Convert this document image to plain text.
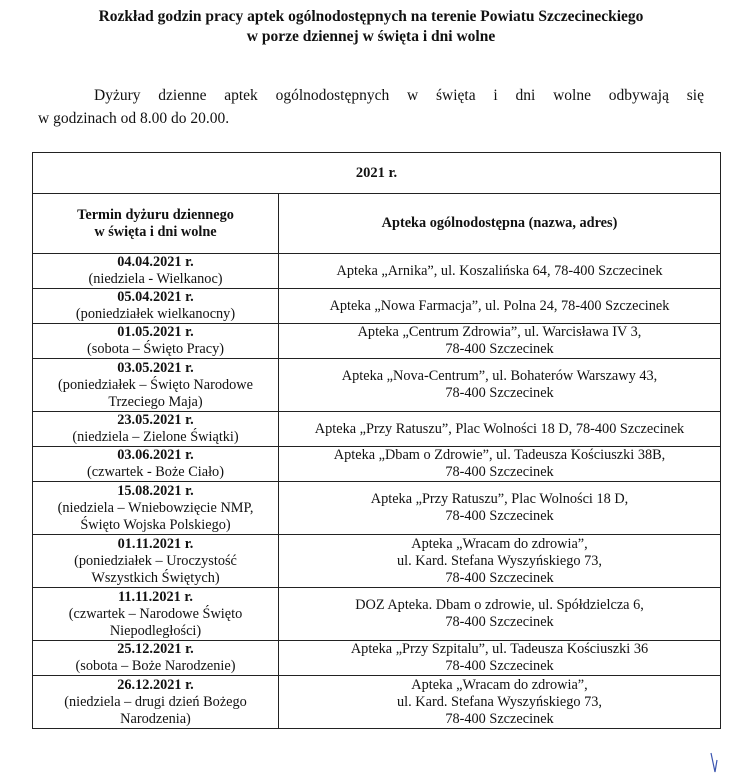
Rozkład godzin pracy aptek ogólnodostępnych na terenie Powiatu Szczecineckiego
w porze dziennej w święta i dni wolne
Dyżury dzienne aptek ogólnodostępnych w święta i dni wolne odbywają się
w godzinach od 8.00 do 20.00.
2021 r.	

Termin dyżuru dziennego
w święta i dni wolne	Apteka ogólnodostępna (nazwa, adres)

04.04.2021 r.
(niedziela - Wielkanoc)	Apteka „Arnika”, ul. Koszalińska 64, 78-400 Szczecinek

05.04.2021 r.
(poniedziałek wielkanocny)	Apteka „Nowa Farmacja”, ul. Polna 24, 78-400 Szczecinek

01.05.2021 r.
(sobota – Święto Pracy)	Apteka „Centrum Zdrowia”, ul. Warcisława IV 3,
78-400 Szczecinek

03.05.2021 r.
(poniedziałek – Święto Narodowe
Trzeciego Maja)	Apteka „Nova-Centrum”, ul. Bohaterów Warszawy 43,
78-400 Szczecinek

23.05.2021 r.
(niedziela – Zielone Świątki)	Apteka „Przy Ratuszu”, Plac Wolności 18 D, 78-400 Szczecinek

03.06.2021 r.
(czwartek - Boże Ciało)	Apteka „Dbam o Zdrowie”, ul. Tadeusza Kościuszki 38B,
78-400 Szczecinek

15.08.2021 r.
(niedziela – Wniebowzięcie NMP,
Święto Wojska Polskiego)	Apteka „Przy Ratuszu”, Plac Wolności 18 D,
78-400 Szczecinek

01.11.2021 r.
(poniedziałek – Uroczystość
Wszystkich Świętych)	Apteka „Wracam do zdrowia”,
ul. Kard. Stefana Wyszyńskiego 73,
78-400 Szczecinek

11.11.2021 r.
(czwartek – Narodowe Święto
Niepodległości)	DOZ Apteka. Dbam o zdrowie, ul. Spółdzielcza 6,
78-400 Szczecinek

25.12.2021 r.
(sobota – Boże Narodzenie)	Apteka „Przy Szpitalu”, ul. Tadeusza Kościuszki 36
78-400 Szczecinek

26.12.2021 r.
(niedziela – drugi dzień Bożego
Narodzenia)	Apteka „Wracam do zdrowia”,
ul. Kard. Stefana Wyszyńskiego 73,
78-400 Szczecinek
